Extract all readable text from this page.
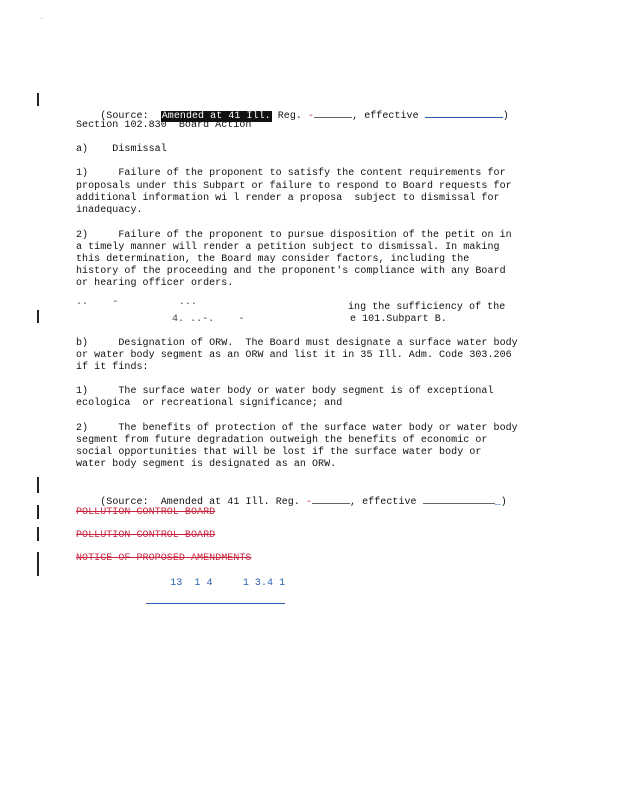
.

(Source: Amended at 41 Ill. Reg. -	, effective	)

Section 102.830  Board Action
a)    Dismissal
1)     Failure of the proponent to satisfy the content requirements for
proposals under this Subpart or failure to respond to Board requests for
additional information wi l render a proposa  subject to dismissal for
inadequacy.
2)     Failure of the proponent to pursue disposition of the petit on in
a timely manner will render a petition subject to dismissal. In making
this determination, the Board may consider factors, including the
history of the proceeding and the proponent's compliance with any Board
or hearing officer orders.
..    -          ...	ing the sufficiency of the
4. ..-.    -	e 101.Subpart B.
b)     Designation of ORW.  The Board must designate a surface water body
or water body segment as an ORW and list it in 35 Ill. Adm. Code 303.206
if it finds:
1)     The surface water body or water body segment is of exceptional
ecologica  or recreational significance; and
2)     The benefits of protection of the surface water body or water body
segment from future degradation outweigh the benefits of economic or
social opportunities that will be lost if the surface water body or
water body segment is designated as an ORW.

(Source:  Amended at 41 Ill. Reg. -	, effective	_)

POLLUTION CONTROL BOARD
POLLUTION CONTROL BOARD
NOTICE OF PROPOSED AMENDMENTS

13  1 4     1 3.4 1
